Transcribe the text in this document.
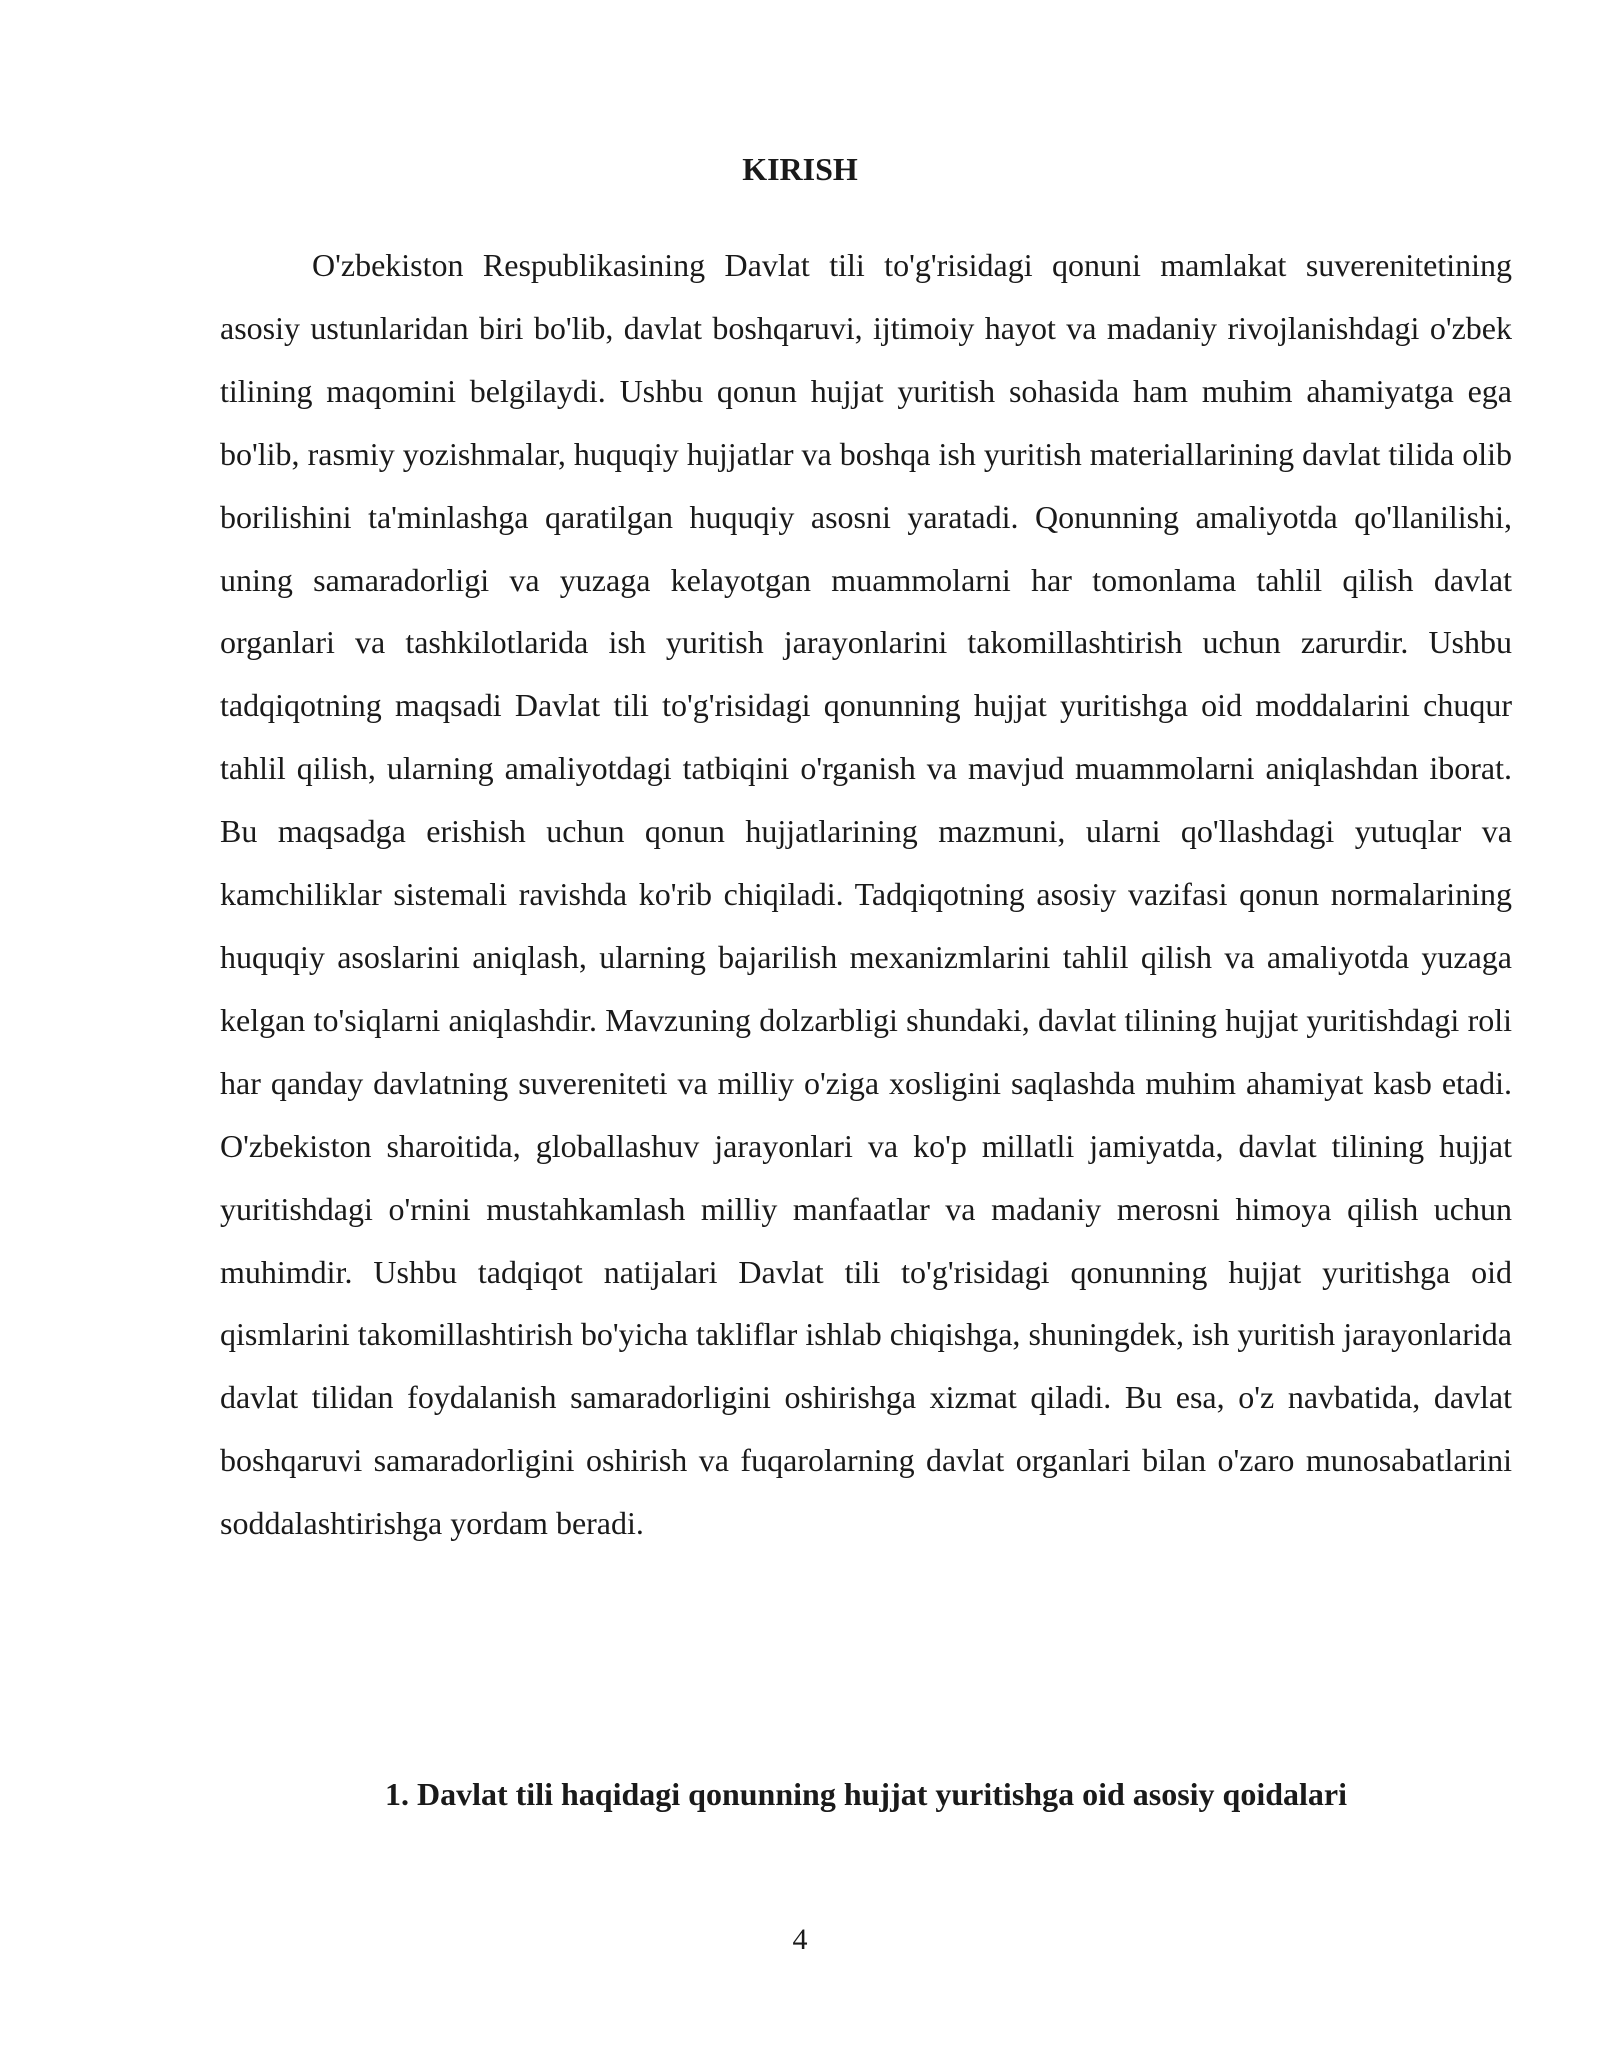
KIRISH

O'zbekiston Respublikasining Davlat tili to'g'risidagi qonuni mamlakat suverenitetining asosiy ustunlaridan biri bo'lib, davlat boshqaruvi, ijtimoiy hayot va madaniy rivojlanishdagi o'zbek tilining maqomini belgilaydi. Ushbu qonun hujjat yuritish sohasida ham muhim ahamiyatga ega bo'lib, rasmiy yozishmalar, huquqiy hujjatlar va boshqa ish yuritish materiallarining davlat tilida olib borilishini ta'minlashga qaratilgan huquqiy asosni yaratadi. Qonunning amaliyotda qo'llanilishi, uning samaradorligi va yuzaga kelayotgan muammolarni har tomonlama tahlil qilish davlat organlari va tashkilotlarida ish yuritish jarayonlarini takomillashtirish uchun zarurdir. Ushbu tadqiqotning maqsadi Davlat tili to'g'risidagi qonunning hujjat yuritishga oid moddalarini chuqur tahlil qilish, ularning amaliyotdagi tatbiqini o'rganish va mavjud muammolarni aniqlashdan iborat. Bu maqsadga erishish uchun qonun hujjatlarining mazmuni, ularni qo'llashdagi yutuqlar va kamchiliklar sistemali ravishda ko'rib chiqiladi. Tadqiqotning asosiy vazifasi qonun normalarining huquqiy asoslarini aniqlash, ularning bajarilish mexanizmlarini tahlil qilish va amaliyotda yuzaga kelgan to'siqlarni aniqlashdir. Mavzuning dolzarbligi shundaki, davlat tilining hujjat yuritishdagi roli har qanday davlatning suvereniteti va milliy o'ziga xosligini saqlashda muhim ahamiyat kasb etadi. O'zbekiston sharoitida, globallashuv jarayonlari va ko'p millatli jamiyatda, davlat tilining hujjat yuritishdagi o'rnini mustahkamlash milliy manfaatlar va madaniy merosni himoya qilish uchun muhimdir. Ushbu tadqiqot natijalari Davlat tili to'g'risidagi qonunning hujjat yuritishga oid qismlarini takomillashtirish bo'yicha takliflar ishlab chiqishga, shuningdek, ish yuritish jarayonlarida davlat tilidan foydalanish samaradorligini oshirishga xizmat qiladi. Bu esa, o'z navbatida, davlat boshqaruvi samaradorligini oshirish va fuqarolarning davlat organlari bilan o'zaro munosabatlarini soddalashtirishga yordam beradi.

1. Davlat tili haqidagi qonunning hujjat yuritishga oid asosiy qoidalari
4
